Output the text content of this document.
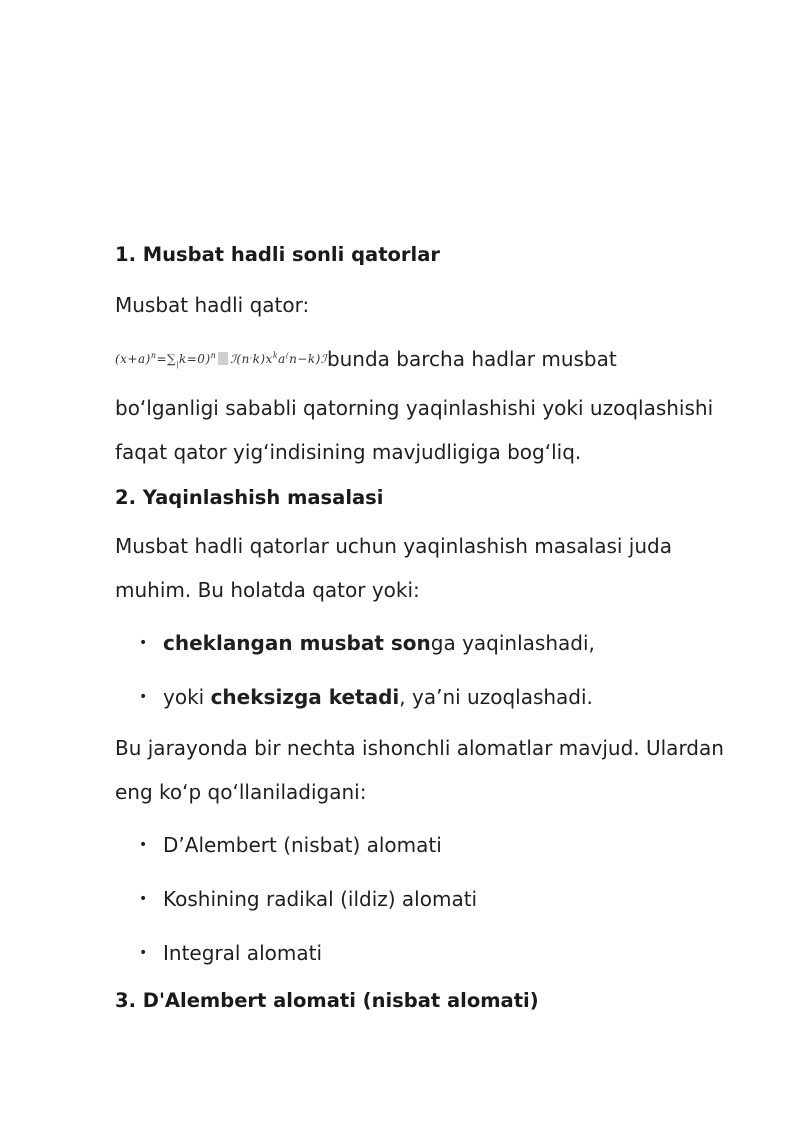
1. Musbat hadli sonli qatorlar

Musbat hadli qator:

$(x+a)^n=\sum_|k=0)^n$ $ℐ(n^,k)x^ka^(n-k)ℐbunda$ barcha hadlar musbat
bo‘lganligi sababli qatorning yaqinlashishi yoki uzoqlashishi
faqat qator yig‘indisining mavjudligiga bog‘liq.

2. Yaqinlashish masalasi

Musbat hadli qatorlar uchun yaqinlashish masalasi juda muhim. Bu holatda qator yoki:

• cheklangan musbat songa yaqinlashadi,
• yoki cheksizga ketadi, ya’ni uzoqlashadi.

Bu jarayonda bir nechta ishonchli alomatlar mavjud. Ulardan eng ko‘p qo‘llaniladigani:

• D’Alembert (nisbat) alomati
• Koshining radikal (ildiz) alomati
• Integral alomati
3. D'Alembert alomati (nisbat alomati)
